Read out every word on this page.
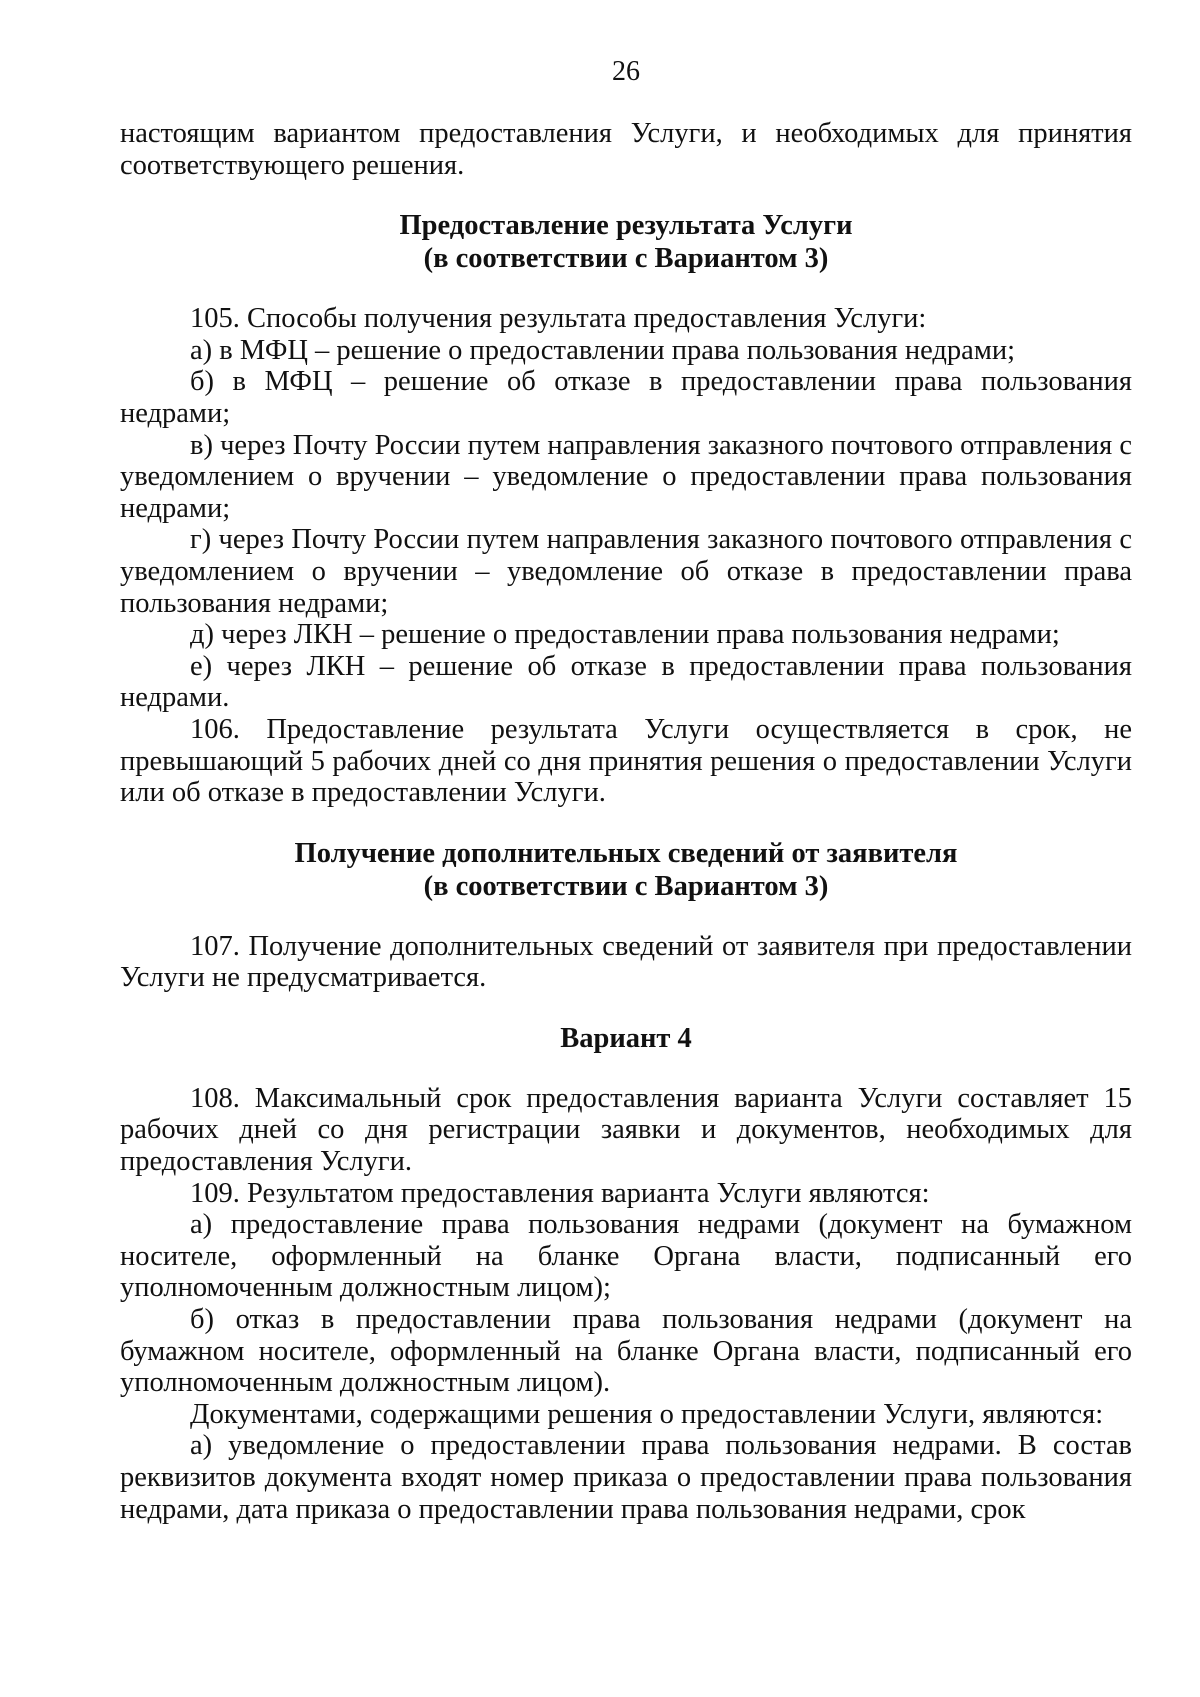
26

настоящим вариантом предоставления Услуги, и необходимых для принятия соответствующего решения.

Предоставление результата Услуги
(в соответствии с Вариантом 3)

105. Способы получения результата предоставления Услуги:

а) в МФЦ – решение о предоставлении права пользования недрами;

б) в МФЦ – решение об отказе в предоставлении права пользования недрами;

в) через Почту России путем направления заказного почтового отправления с уведомлением о вручении – уведомление о предоставлении права пользования недрами;

г) через Почту России путем направления заказного почтового отправления с уведомлением о вручении – уведомление об отказе в предоставлении права пользования недрами;

д) через ЛКН – решение о предоставлении права пользования недрами;

е) через ЛКН – решение об отказе в предоставлении права пользования недрами.

106. Предоставление результата Услуги осуществляется в срок, не превышающий 5 рабочих дней со дня принятия решения о предоставлении Услуги или об отказе в предоставлении Услуги.

Получение дополнительных сведений от заявителя
(в соответствии с Вариантом 3)

107. Получение дополнительных сведений от заявителя при предоставлении Услуги не предусматривается.

Вариант 4

108. Максимальный срок предоставления варианта Услуги составляет 15 рабочих дней со дня регистрации заявки и документов, необходимых для предоставления Услуги.

109. Результатом предоставления варианта Услуги являются:

а) предоставление права пользования недрами (документ на бумажном носителе, оформленный на бланке Органа власти, подписанный его уполномоченным должностным лицом);

б) отказ в предоставлении права пользования недрами (документ на бумажном носителе, оформленный на бланке Органа власти, подписанный его уполномоченным должностным лицом).

Документами, содержащими решения о предоставлении Услуги, являются:

а) уведомление о предоставлении права пользования недрами. В состав реквизитов документа входят номер приказа о предоставлении права пользования недрами, дата приказа о предоставлении права пользования недрами, срок
